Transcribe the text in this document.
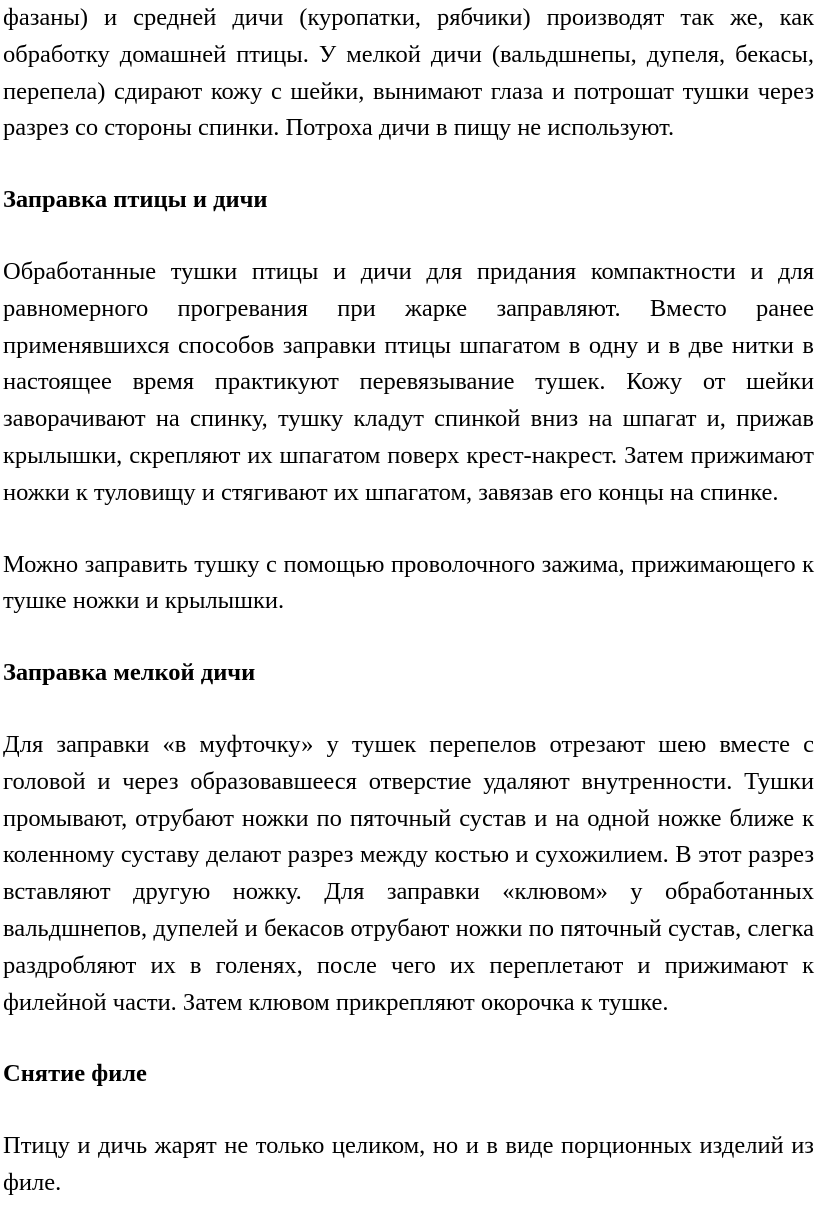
фазаны) и средней дичи (куропатки, рябчики) производят так же, как обработку домашней птицы. У мелкой дичи (вальдшнепы, дупеля, бекасы, перепела) сдирают кожу с шейки, вынимают глаза и потрошат тушки через разрез со стороны спинки. Потроха дичи в пищу не используют.

Заправка птицы и дичи

Обработанные тушки птицы и дичи для придания компактности и для равномерного прогревания при жарке заправляют. Вместо ранее применявшихся способов заправки птицы шпагатом в одну и в две нитки в настоящее время практикуют перевязывание тушек. Кожу от шейки заворачивают на спинку, тушку кладут спинкой вниз на шпагат и, прижав крылышки, скрепляют их шпагатом поверх крест-накрест. Затем прижимают ножки к туловищу и стягивают их шпагатом, завязав его концы на спинке.

Можно заправить тушку с помощью проволочного зажима, прижимающего к тушке ножки и крылышки.

Заправка мелкой дичи

Для заправки «в муфточку» у тушек перепелов отрезают шею вместе с головой и через образовавшееся отверстие удаляют внутренности. Тушки промывают, отрубают ножки по пяточный сустав и на одной ножке ближе к коленному суставу делают разрез между костью и сухожилием. В этот разрез вставляют другую ножку. Для заправки «клювом» у обработанных вальдшнепов, дупелей и бекасов отрубают ножки по пяточный сустав, слегка раздробляют их в голенях, после чего их переплетают и прижимают к филейной части. Затем клювом прикрепляют окорочка к тушке.

Снятие филе

Птицу и дичь жарят не только целиком, но и в виде порционных изделий из филе.
